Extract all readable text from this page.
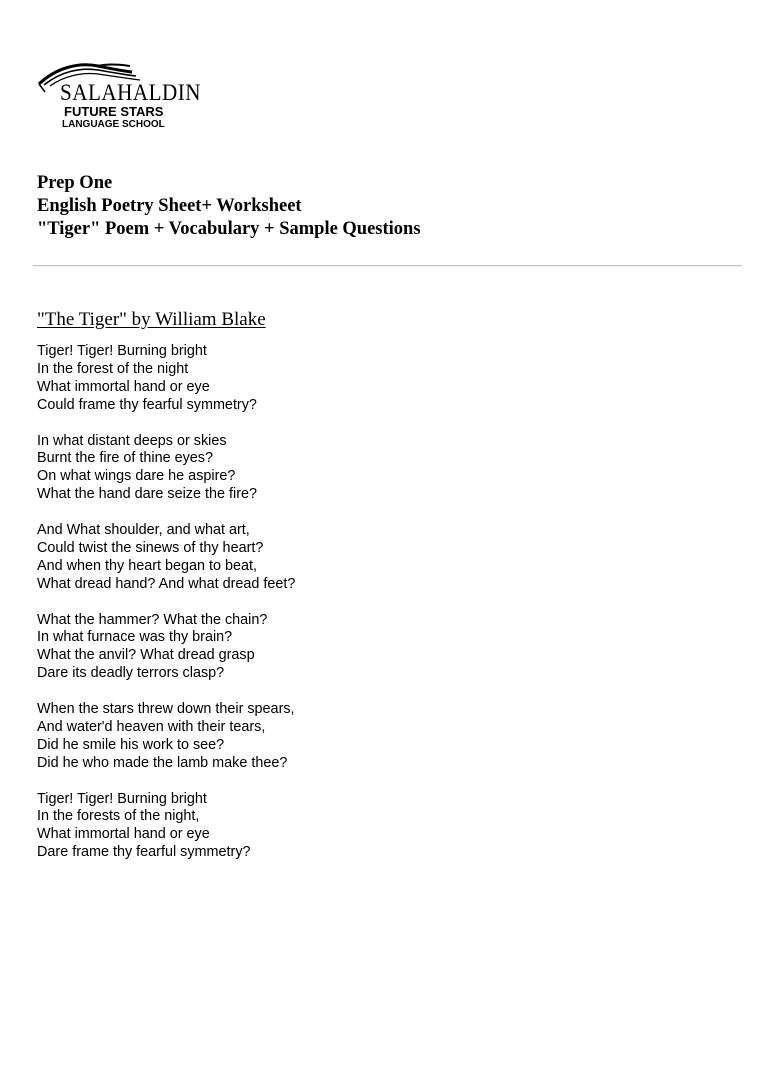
SALAHALDIN
FUTURE STARS
LANGUAGE SCHOOL
Prep One
English Poetry Sheet+ Worksheet
"Tiger" Poem + Vocabulary + Sample Questions
"The Tiger" by William Blake
Tiger! Tiger! Burning bright
In the forest of the night
What immortal hand or eye
Could frame thy fearful symmetry?
In what distant deeps or skies
Burnt the fire of thine eyes?
On what wings dare he aspire?
What the hand dare seize the fire?
And What shoulder, and what art,
Could twist the sinews of thy heart?
And when thy heart began to beat,
What dread hand? And what dread feet?
What the hammer? What the chain?
In what furnace was thy brain?
What the anvil? What dread grasp
Dare its deadly terrors clasp?
When the stars threw down their spears,
And water'd heaven with their tears,
Did he smile his work to see?
Did he who made the lamb make thee?
Tiger! Tiger! Burning bright
In the forests of the night,
What immortal hand or eye
Dare frame thy fearful symmetry?
